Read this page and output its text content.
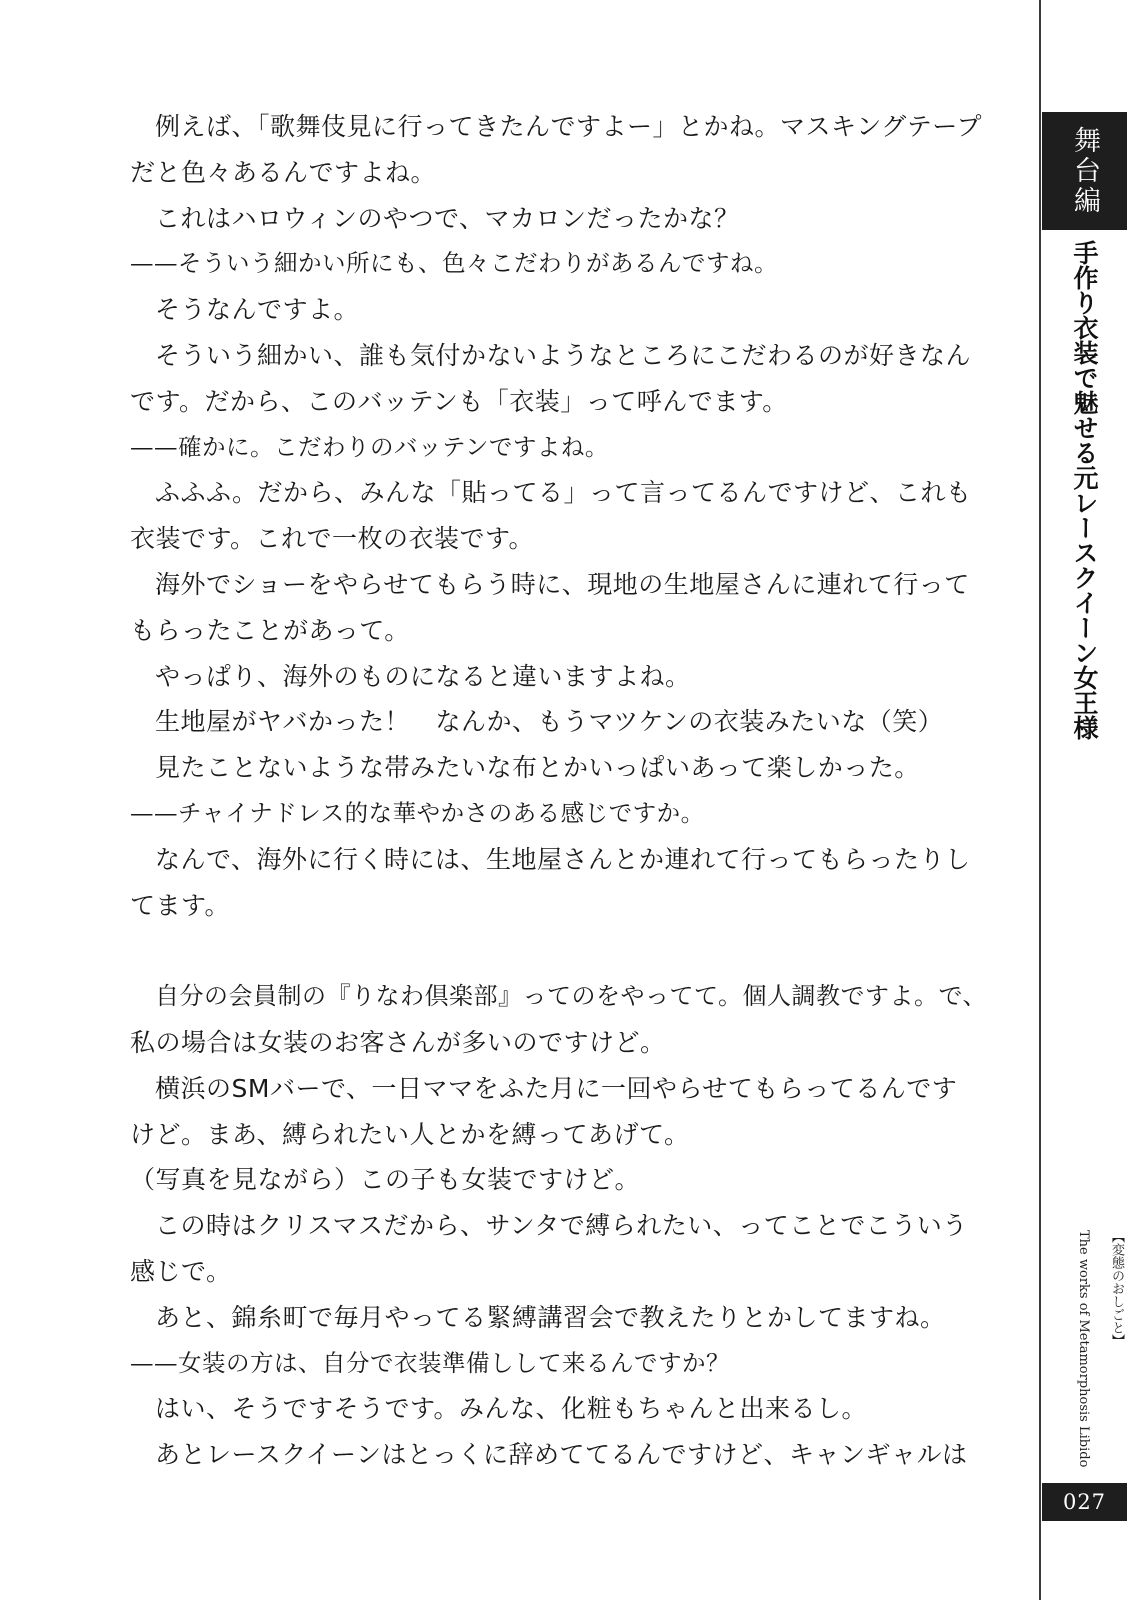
例えば、「歌舞伎見に行ってきたんですよー」とかね。マスキングテープ
だと色々あるんですよね。
これはハロウィンのやつで、マカロンだったかな？
——そういう細かい所にも、色々こだわりがあるんですね。
そうなんですよ。
そういう細かい、誰も気付かないようなところにこだわるのが好きなん
です。だから、このバッテンも「衣装」って呼んでます。
——確かに。こだわりのバッテンですよね。
ふふふ。だから、みんな「貼ってる」って言ってるんですけど、これも
衣装です。これで一枚の衣装です。
海外でショーをやらせてもらう時に、現地の生地屋さんに連れて行って
もらったことがあって。
やっぱり、海外のものになると違いますよね。
生地屋がヤバかった！　なんか、もうマツケンの衣装みたいな（笑）
見たことないような帯みたいな布とかいっぱいあって楽しかった。
——チャイナドレス的な華やかさのある感じですか。
なんで、海外に行く時には、生地屋さんとか連れて行ってもらったりし
てます。
自分の会員制の『りなわ倶楽部』ってのをやってて。個人調教ですよ。で、
私の場合は女装のお客さんが多いのですけど。
横浜のSMバーで、一日ママをふた月に一回やらせてもらってるんです
けど。まあ、縛られたい人とかを縛ってあげて。
（写真を見ながら）この子も女装ですけど。
この時はクリスマスだから、サンタで縛られたい、ってことでこういう
感じで。
あと、錦糸町で毎月やってる緊縛講習会で教えたりとかしてますね。
——女装の方は、自分で衣装準備しして来るんですか？
はい、そうですそうです。みんな、化粧もちゃんと出来るし。
あとレースクイーンはとっくに辞めててるんですけど、キャンギャルは
舞台編
手作り衣装で魅せる元レースクイーン女王様
【変態のおしごと】
The works of Metamorphosis Libido
027
